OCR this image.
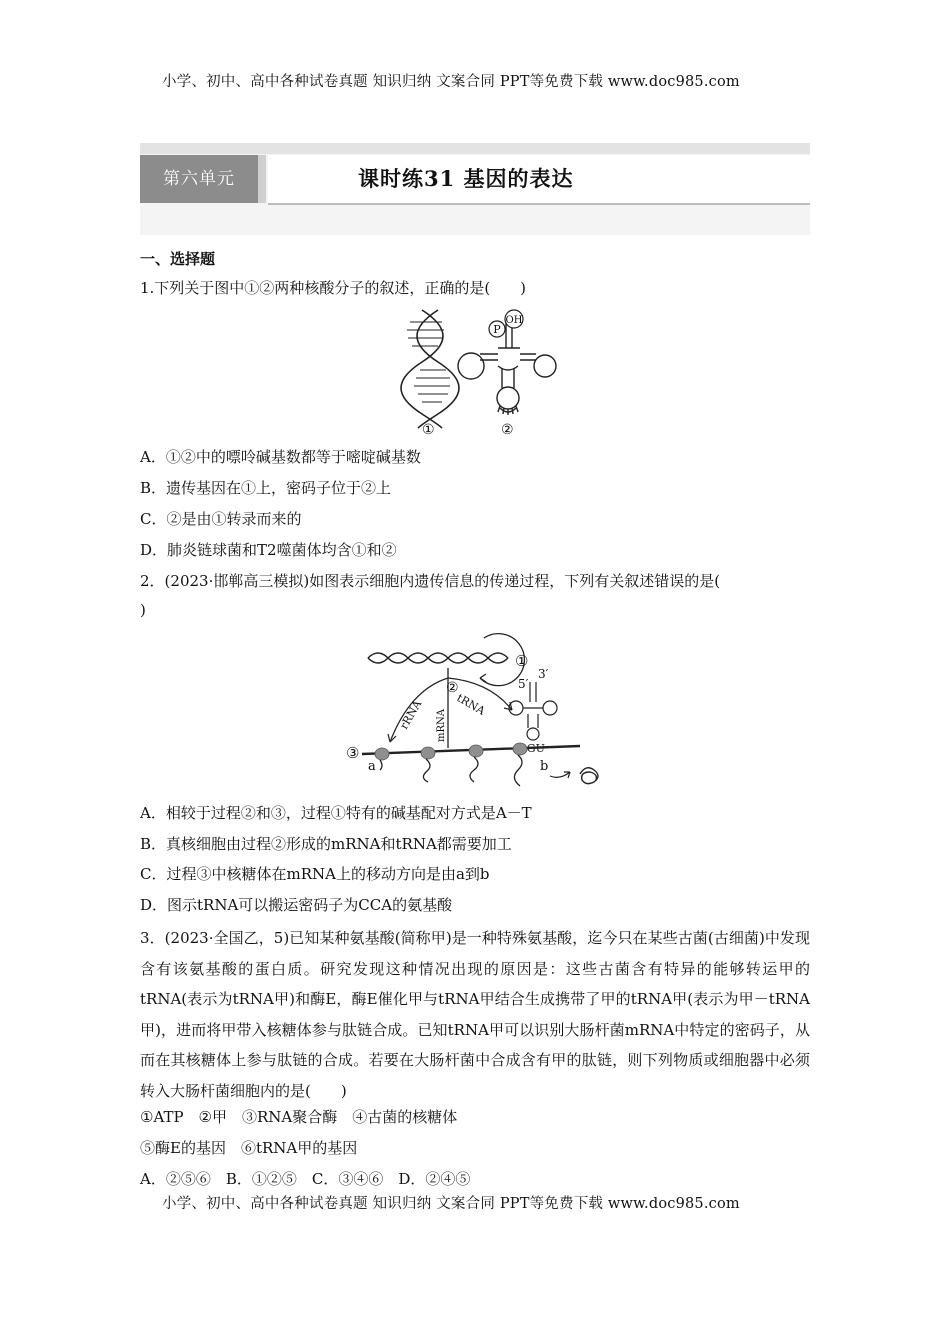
小学、初中、高中各种试卷真题 知识归纳 文案合同 PPT等免费下载 www.doc985.com
第六单元	课时练31 基因的表达
一、选择题
1.下列关于图中①②两种核酸分子的叙述，正确的是(　　)
P
OH
①	②
A．①②中的嘌呤碱基数都等于嘧啶碱基数
B．遗传基因在①上，密码子位于②上
C．②是由①转录而来的
D．肺炎链球菌和T2噬菌体均含①和②
2．(2023·邯郸高三模拟)如图表示细胞内遗传信息的传递过程，下列有关叙述错误的是(
)
①
②
rRNA	tRNA
mRNA
5′
3′
③
a	b
A．相较于过程②和③，过程①特有的碱基配对方式是A－T
B．真核细胞由过程②形成的mRNA和tRNA都需要加工
C．过程③中核糖体在mRNA上的移动方向是由a到b
D．图示tRNA可以搬运密码子为CCA的氨基酸
3．(2023·全国乙，5)已知某种氨基酸(简称甲)是一种特殊氨基酸，迄今只在某些古菌(古细菌)中发现含有该氨基酸的蛋白质。研究发现这种情况出现的原因是：这些古菌含有特异的能够转运甲的tRNA(表示为tRNA甲)和酶E，酶E催化甲与tRNA甲结合生成携带了甲的tRNA甲(表示为甲－tRNA甲)，进而将甲带入核糖体参与肽链合成。已知tRNA甲可以识别大肠杆菌mRNA中特定的密码子，从而在其核糖体上参与肽链的合成。若要在大肠杆菌中合成含有甲的肽链，则下列物质或细胞器中必须转入大肠杆菌细胞内的是(　　)
①ATP　②甲　③RNA聚合酶　④古菌的核糖体
⑤酶E的基因　⑥tRNA甲的基因
A．②⑤⑥　B．①②⑤　C．③④⑥　D．②④⑤
小学、初中、高中各种试卷真题 知识归纳 文案合同 PPT等免费下载 www.doc985.com
